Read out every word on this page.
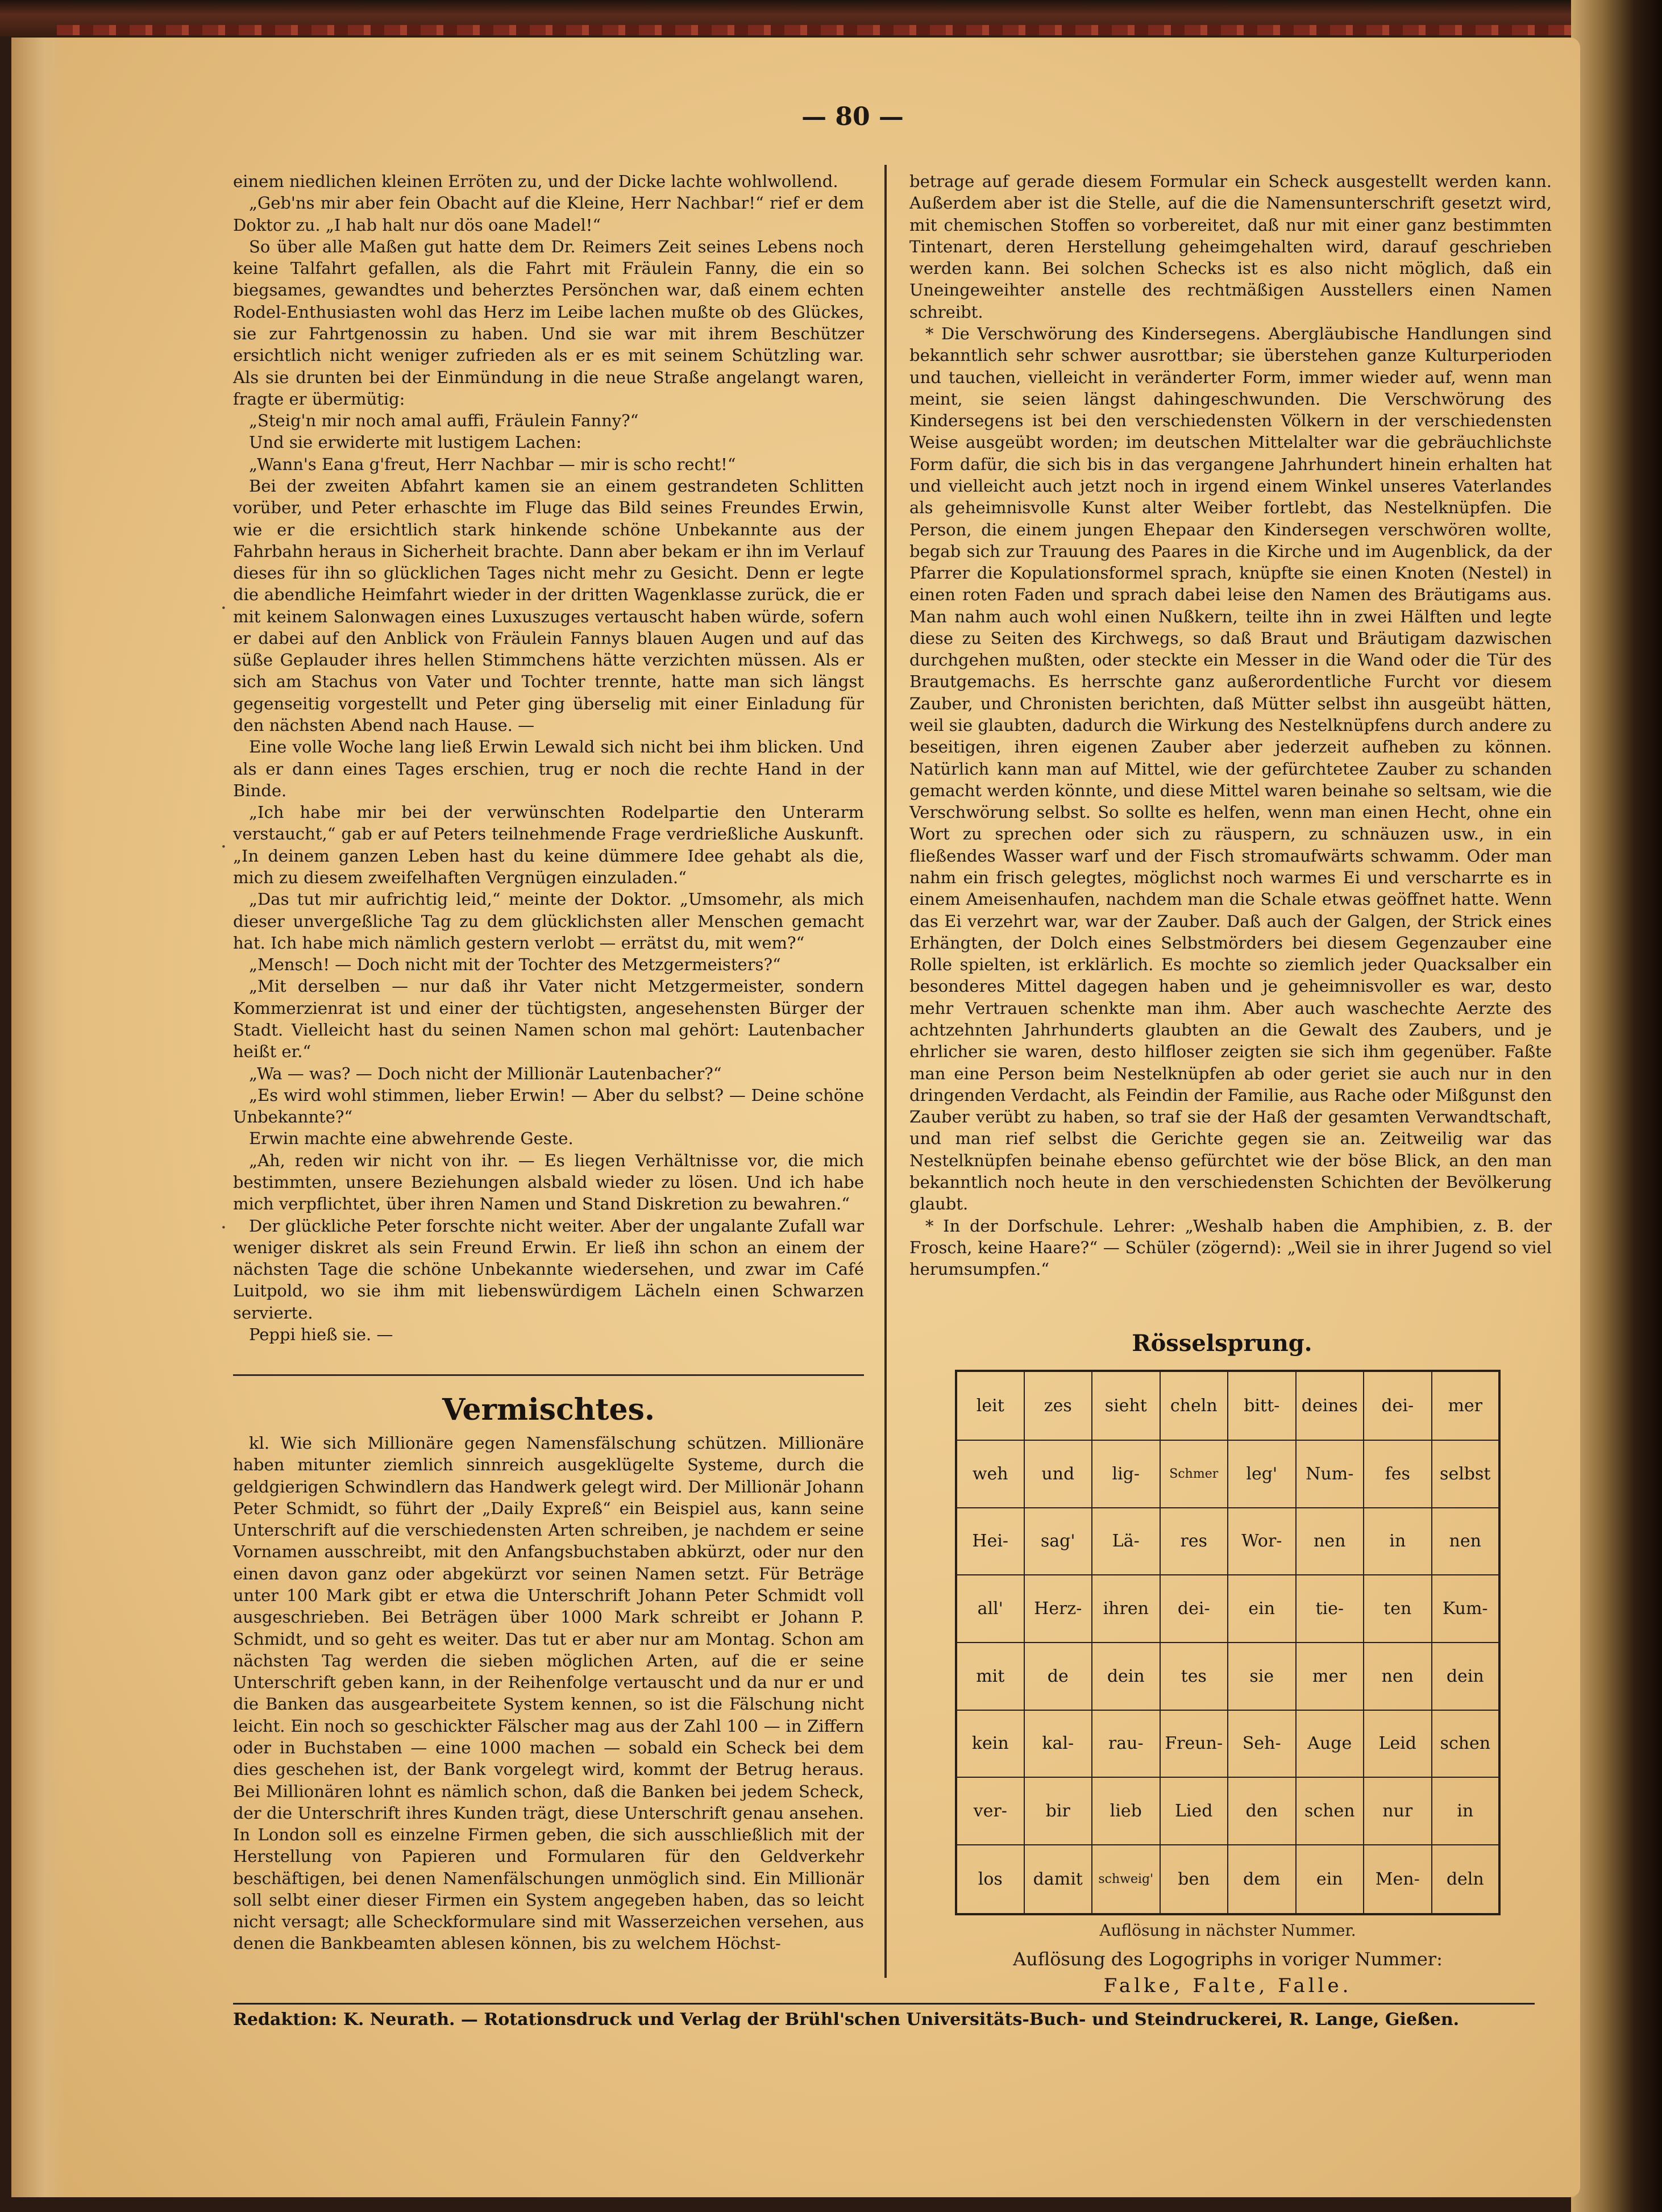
— 80 —
·
·
·

einem niedlichen kleinen Erröten zu, und der Dicke lachte wohlwollend.

„Geb'ns mir aber fein Obacht auf die Kleine, Herr Nachbar!“ rief er dem Doktor zu. „I hab halt nur dös oane Madel!“

So über alle Maßen gut hatte dem Dr. Reimers Zeit seines Lebens noch keine Talfahrt gefallen, als die Fahrt mit Fräulein Fanny, die ein so biegsames, gewandtes und beherztes Persönchen war, daß einem echten Rodel-Enthusiasten wohl das Herz im Leibe lachen mußte ob des Glückes, sie zur Fahrtgenossin zu haben. Und sie war mit ihrem Beschützer ersichtlich nicht weniger zufrieden als er es mit seinem Schützling war. Als sie drunten bei der Einmündung in die neue Straße angelangt waren, fragte er übermütig:

„Steig'n mir noch amal auffi, Fräulein Fanny?“

Und sie erwiderte mit lustigem Lachen:

„Wann's Eana g'freut, Herr Nachbar — mir is scho recht!“

Bei der zweiten Abfahrt kamen sie an einem gestrandeten Schlitten vorüber, und Peter erhaschte im Fluge das Bild seines Freundes Erwin, wie er die ersichtlich stark hinkende schöne Unbekannte aus der Fahrbahn heraus in Sicherheit brachte. Dann aber bekam er ihn im Verlauf dieses für ihn so glücklichen Tages nicht mehr zu Gesicht. Denn er legte die abendliche Heimfahrt wieder in der dritten Wagenklasse zurück, die er mit keinem Salonwagen eines Luxuszuges vertauscht haben würde, sofern er dabei auf den Anblick von Fräulein Fannys blauen Augen und auf das süße Geplauder ihres hellen Stimmchens hätte verzichten müssen. Als er sich am Stachus von Vater und Tochter trennte, hatte man sich längst gegenseitig vorgestellt und Peter ging überselig mit einer Einladung für den nächsten Abend nach Hause. —

Eine volle Woche lang ließ Erwin Lewald sich nicht bei ihm blicken. Und als er dann eines Tages erschien, trug er noch die rechte Hand in der Binde.

„Ich habe mir bei der verwünschten Rodelpartie den Unterarm verstaucht,“ gab er auf Peters teilnehmende Frage verdrießliche Auskunft. „In deinem ganzen Leben hast du keine dümmere Idee gehabt als die, mich zu diesem zweifelhaften Vergnügen einzuladen.“

„Das tut mir aufrichtig leid,“ meinte der Doktor. „Umsomehr, als mich dieser unvergeßliche Tag zu dem glücklichsten aller Menschen gemacht hat. Ich habe mich nämlich gestern verlobt — errätst du, mit wem?“

„Mensch! — Doch nicht mit der Tochter des Metzgermeisters?“

„Mit derselben — nur daß ihr Vater nicht Metzgermeister, sondern Kommerzienrat ist und einer der tüchtigsten, angesehensten Bürger der Stadt. Vielleicht hast du seinen Namen schon mal gehört: Lautenbacher heißt er.“

„Wa — was? — Doch nicht der Millionär Lautenbacher?“

„Es wird wohl stimmen, lieber Erwin! — Aber du selbst? — Deine schöne Unbekannte?“

Erwin machte eine abwehrende Geste.

„Ah, reden wir nicht von ihr. — Es liegen Verhältnisse vor, die mich bestimmten, unsere Beziehungen alsbald wieder zu lösen. Und ich habe mich verpflichtet, über ihren Namen und Stand Diskretion zu bewahren.“

Der glückliche Peter forschte nicht weiter. Aber der ungalante Zufall war weniger diskret als sein Freund Erwin. Er ließ ihn schon an einem der nächsten Tage die schöne Unbekannte wiedersehen, und zwar im Café Luitpold, wo sie ihm mit liebenswürdigem Lächeln einen Schwarzen servierte.

Peppi hieß sie. —

Vermischtes.

kl. Wie sich Millionäre gegen Namensfälschung schützen. Millionäre haben mitunter ziemlich sinnreich ausgeklügelte Systeme, durch die geldgierigen Schwindlern das Handwerk gelegt wird. Der Millionär Johann Peter Schmidt, so führt der „Daily Expreß“ ein Beispiel aus, kann seine Unterschrift auf die verschiedensten Arten schreiben, je nachdem er seine Vornamen ausschreibt, mit den Anfangsbuchstaben abkürzt, oder nur den einen davon ganz oder abgekürzt vor seinen Namen setzt. Für Beträge unter 100 Mark gibt er etwa die Unterschrift Johann Peter Schmidt voll ausgeschrieben. Bei Beträgen über 1000 Mark schreibt er Johann P. Schmidt, und so geht es weiter. Das tut er aber nur am Montag. Schon am nächsten Tag werden die sieben möglichen Arten, auf die er seine Unterschrift geben kann, in der Reihenfolge vertauscht und da nur er und die Banken das ausgearbeitete System kennen, so ist die Fälschung nicht leicht. Ein noch so geschickter Fälscher mag aus der Zahl 100 — in Ziffern oder in Buchstaben — eine 1000 machen — sobald ein Scheck bei dem dies geschehen ist, der Bank vorgelegt wird, kommt der Betrug heraus. Bei Millionären lohnt es nämlich schon, daß die Banken bei jedem Scheck, der die Unterschrift ihres Kunden trägt, diese Unterschrift genau ansehen. In London soll es einzelne Firmen geben, die sich ausschließlich mit der Herstellung von Papieren und Formularen für den Geldverkehr beschäftigen, bei denen Namenfälschungen unmöglich sind. Ein Millionär soll selbt einer dieser Firmen ein System angegeben haben, das so leicht nicht versagt; alle Scheckformulare sind mit Wasserzeichen versehen, aus denen die Bankbeamten ablesen können, bis zu welchem Höchst-

betrage auf gerade diesem Formular ein Scheck ausgestellt werden kann. Außerdem aber ist die Stelle, auf die die Namensunterschrift gesetzt wird, mit chemischen Stoffen so vorbereitet, daß nur mit einer ganz bestimmten Tintenart, deren Herstellung geheimgehalten wird, darauf geschrieben werden kann. Bei solchen Schecks ist es also nicht möglich, daß ein Uneingeweihter anstelle des rechtmäßigen Ausstellers einen Namen schreibt.

* Die Verschwörung des Kindersegens. Abergläubische Handlungen sind bekanntlich sehr schwer ausrottbar; sie überstehen ganze Kulturperioden und tauchen, vielleicht in veränderter Form, immer wieder auf, wenn man meint, sie seien längst dahingeschwunden. Die Verschwörung des Kindersegens ist bei den verschiedensten Völkern in der verschiedensten Weise ausgeübt worden; im deutschen Mittelalter war die gebräuchlichste Form dafür, die sich bis in das vergangene Jahrhundert hinein erhalten hat und vielleicht auch jetzt noch in irgend einem Winkel unseres Vaterlandes als geheimnisvolle Kunst alter Weiber fortlebt, das Nestelknüpfen. Die Person, die einem jungen Ehepaar den Kindersegen verschwören wollte, begab sich zur Trauung des Paares in die Kirche und im Augenblick, da der Pfarrer die Kopulationsformel sprach, knüpfte sie einen Knoten (Nestel) in einen roten Faden und sprach dabei leise den Namen des Bräutigams aus. Man nahm auch wohl einen Nußkern, teilte ihn in zwei Hälften und legte diese zu Seiten des Kirchwegs, so daß Braut und Bräutigam dazwischen durchgehen mußten, oder steckte ein Messer in die Wand oder die Tür des Brautgemachs. Es herrschte ganz außerordentliche Furcht vor diesem Zauber, und Chronisten berichten, daß Mütter selbst ihn ausgeübt hätten, weil sie glaubten, dadurch die Wirkung des Nestelknüpfens durch andere zu beseitigen, ihren eigenen Zauber aber jederzeit aufheben zu können. Natürlich kann man auf Mittel, wie der gefürchtetee Zauber zu schanden gemacht werden könnte, und diese Mittel waren beinahe so seltsam, wie die Verschwörung selbst. So sollte es helfen, wenn man einen Hecht, ohne ein Wort zu sprechen oder sich zu räuspern, zu schnäuzen usw., in ein fließendes Wasser warf und der Fisch stromaufwärts schwamm. Oder man nahm ein frisch gelegtes, möglichst noch warmes Ei und verscharrte es in einem Ameisenhaufen, nachdem man die Schale etwas geöffnet hatte. Wenn das Ei verzehrt war, war der Zauber. Daß auch der Galgen, der Strick eines Erhängten, der Dolch eines Selbstmörders bei diesem Gegenzauber eine Rolle spielten, ist erklärlich. Es mochte so ziemlich jeder Quacksalber ein besonderes Mittel dagegen haben und je geheimnisvoller es war, desto mehr Vertrauen schenkte man ihm. Aber auch waschechte Aerzte des achtzehnten Jahrhunderts glaubten an die Gewalt des Zaubers, und je ehrlicher sie waren, desto hilfloser zeigten sie sich ihm gegenüber. Faßte man eine Person beim Nestelknüpfen ab oder geriet sie auch nur in den dringenden Verdacht, als Feindin der Familie, aus Rache oder Mißgunst den Zauber verübt zu haben, so traf sie der Haß der gesamten Verwandtschaft, und man rief selbst die Gerichte gegen sie an. Zeitweilig war das Nestelknüpfen beinahe ebenso gefürchtet wie der böse Blick, an den man bekanntlich noch heute in den verschiedensten Schichten der Bevölkerung glaubt.

* In der Dorfschule. Lehrer: „Weshalb haben die Amphibien, z. B. der Frosch, keine Haare?“ — Schüler (zögernd): „Weil sie in ihrer Jugend so viel herumsumpfen.“

Rösselsprung.
leit	zes	sieht	cheln	bitt-	deines	dei-	mer
weh	und	lig-	Schmer	leg'	Num-	fes	selbst
Hei-	sag'	Lä-	res	Wor-	nen	in	nen
all'	Herz-	ihren	dei-	ein	tie-	ten	Kum-
mit	de	dein	tes	sie	mer	nen	dein
kein	kal-	rau-	Freun-	Seh-	Auge	Leid	schen
ver-	bir	lieb	Lied	den	schen	nur	in
los	damit	schweig'	ben	dem	ein	Men-	deln
Auflösung in nächster Nummer.
Auflösung des Logogriphs in voriger Nummer:
Falke, Falte, Falle.
Redaktion: K. Neurath. — Rotationsdruck und Verlag der Brühl'schen Universitäts-Buch- und Steindruckerei, R. Lange, Gießen.
